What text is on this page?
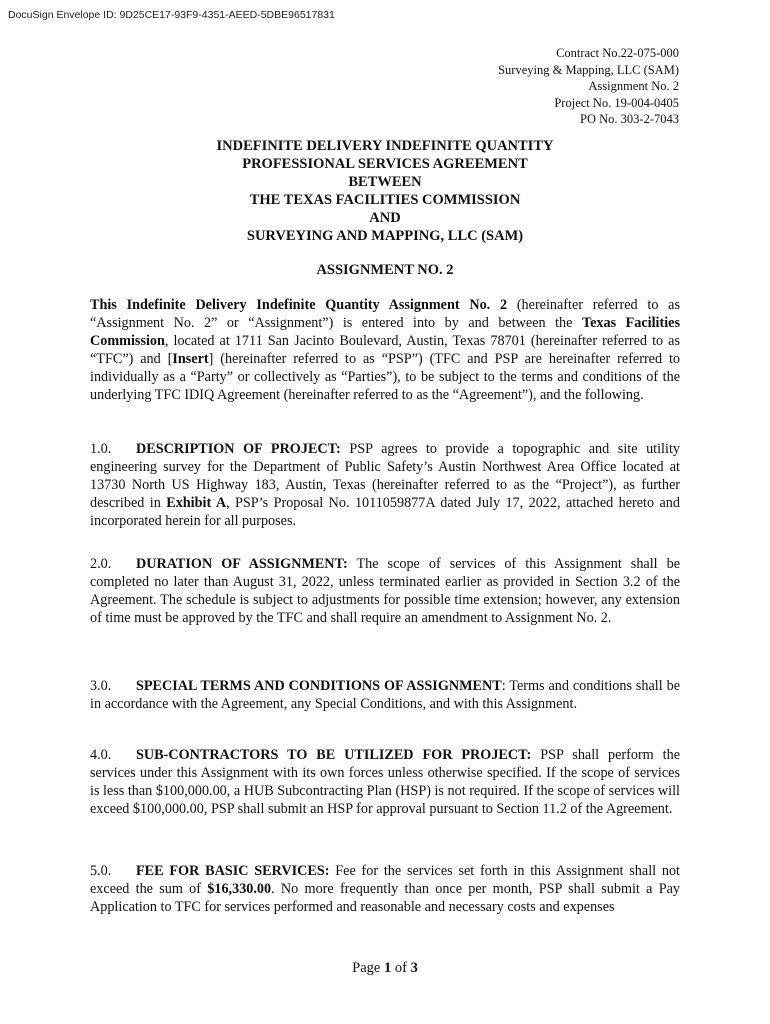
DocuSign Envelope ID: 9D25CE17-93F9-4351-AEED-5DBE96517831
Contract No.22-075-000
Surveying & Mapping, LLC (SAM)
Assignment No. 2
Project No. 19-004-0405
PO No. 303-2-7043
INDEFINITE DELIVERY INDEFINITE QUANTITY
PROFESSIONAL SERVICES AGREEMENT
BETWEEN
THE TEXAS FACILITIES COMMISSION
AND
SURVEYING AND MAPPING, LLC (SAM)
ASSIGNMENT NO. 2
This Indefinite Delivery Indefinite Quantity Assignment No. 2 (hereinafter referred to as “Assignment No. 2” or “Assignment”) is entered into by and between the Texas Facilities Commission, located at 1711 San Jacinto Boulevard, Austin, Texas 78701 (hereinafter referred to as “TFC”) and [Insert] (hereinafter referred to as “PSP”) (TFC and PSP are hereinafter referred to individually as a “Party” or collectively as “Parties”), to be subject to the terms and conditions of the underlying TFC IDIQ Agreement (hereinafter referred to as the “Agreement”), and the following.
1.0. DESCRIPTION OF PROJECT: PSP agrees to provide a topographic and site utility engineering survey for the Department of Public Safety’s Austin Northwest Area Office located at 13730 North US Highway 183, Austin, Texas (hereinafter referred to as the “Project”), as further described in Exhibit A, PSP’s Proposal No. 1011059877A dated July 17, 2022, attached hereto and incorporated herein for all purposes.
2.0. DURATION OF ASSIGNMENT: The scope of services of this Assignment shall be completed no later than August 31, 2022, unless terminated earlier as provided in Section 3.2 of the Agreement. The schedule is subject to adjustments for possible time extension; however, any extension of time must be approved by the TFC and shall require an amendment to Assignment No. 2.
3.0. SPECIAL TERMS AND CONDITIONS OF ASSIGNMENT: Terms and conditions shall be in accordance with the Agreement, any Special Conditions, and with this Assignment.
4.0. SUB-CONTRACTORS TO BE UTILIZED FOR PROJECT: PSP shall perform the services under this Assignment with its own forces unless otherwise specified. If the scope of services is less than $100,000.00, a HUB Subcontracting Plan (HSP) is not required. If the scope of services will exceed $100,000.00, PSP shall submit an HSP for approval pursuant to Section 11.2 of the Agreement.
5.0. FEE FOR BASIC SERVICES: Fee for the services set forth in this Assignment shall not exceed the sum of $16,330.00. No more frequently than once per month, PSP shall submit a Pay Application to TFC for services performed and reasonable and necessary costs and expenses
Page 1 of 3
